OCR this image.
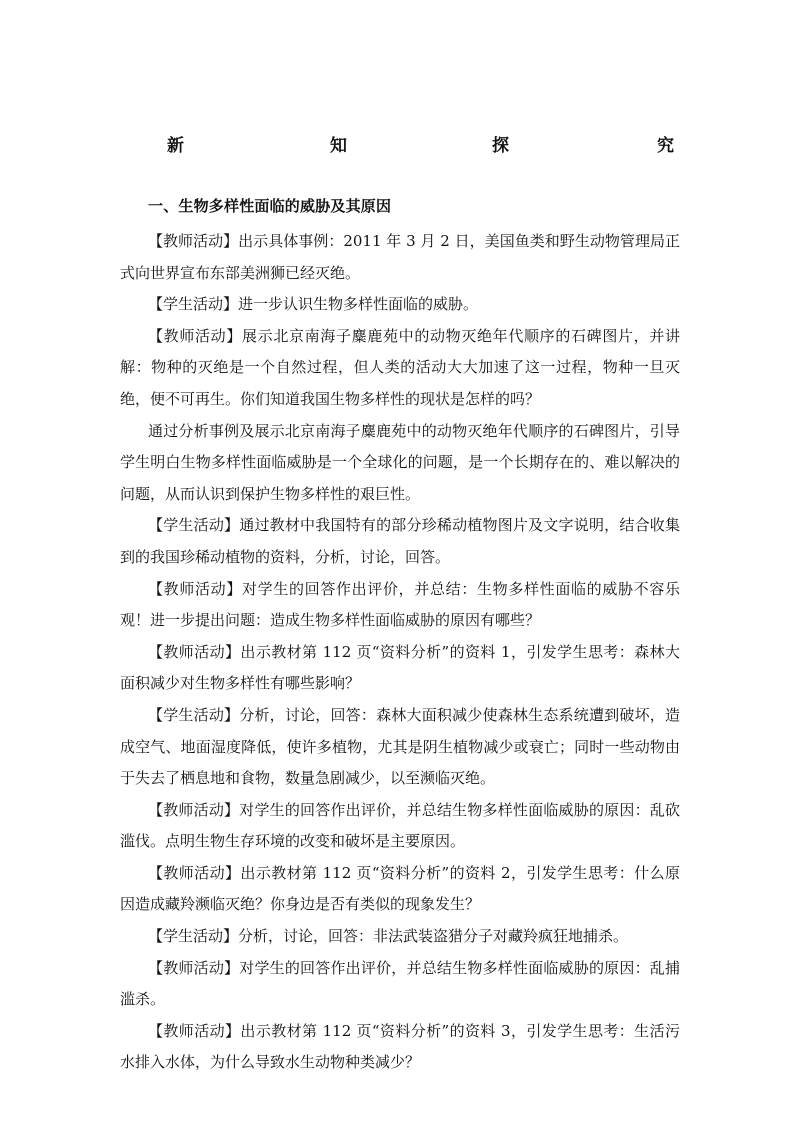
新	知	探	究
一、生物多样性面临的威胁及其原因

【教师活动】出示具体事例：2011 年 3 月 2 日，美国鱼类和野生动物管理局正式向世界宣布东部美洲狮已经灭绝。

【学生活动】进一步认识生物多样性面临的威胁。

【教师活动】展示北京南海子麋鹿苑中的动物灭绝年代顺序的石碑图片，并讲解：物种的灭绝是一个自然过程，但人类的活动大大加速了这一过程，物种一旦灭绝，便不可再生。你们知道我国生物多样性的现状是怎样的吗？

通过分析事例及展示北京南海子麋鹿苑中的动物灭绝年代顺序的石碑图片，引导学生明白生物多样性面临威胁是一个全球化的问题，是一个长期存在的、难以解决的问题，从而认识到保护生物多样性的艰巨性。

【学生活动】通过教材中我国特有的部分珍稀动植物图片及文字说明，结合收集到的我国珍稀动植物的资料，分析，讨论，回答。

【教师活动】对学生的回答作出评价，并总结：生物多样性面临的威胁不容乐观！进一步提出问题：造成生物多样性面临威胁的原因有哪些？

【教师活动】出示教材第 112 页“资料分析”的资料 1，引发学生思考：森林大面积减少对生物多样性有哪些影响？

【学生活动】分析，讨论，回答：森林大面积减少使森林生态系统遭到破坏，造成空气、地面湿度降低，使许多植物，尤其是阴生植物减少或衰亡；同时一些动物由于失去了栖息地和食物，数量急剧减少，以至濒临灭绝。

【教师活动】对学生的回答作出评价，并总结生物多样性面临威胁的原因：乱砍滥伐。点明生物生存环境的改变和破坏是主要原因。

【教师活动】出示教材第 112 页“资料分析”的资料 2，引发学生思考：什么原因造成藏羚濒临灭绝？你身边是否有类似的现象发生？

【学生活动】分析，讨论，回答：非法武装盗猎分子对藏羚疯狂地捕杀。

【教师活动】对学生的回答作出评价，并总结生物多样性面临威胁的原因：乱捕滥杀。

【教师活动】出示教材第 112 页“资料分析”的资料 3，引发学生思考：生活污水排入水体，为什么导致水生动物种类减少？
